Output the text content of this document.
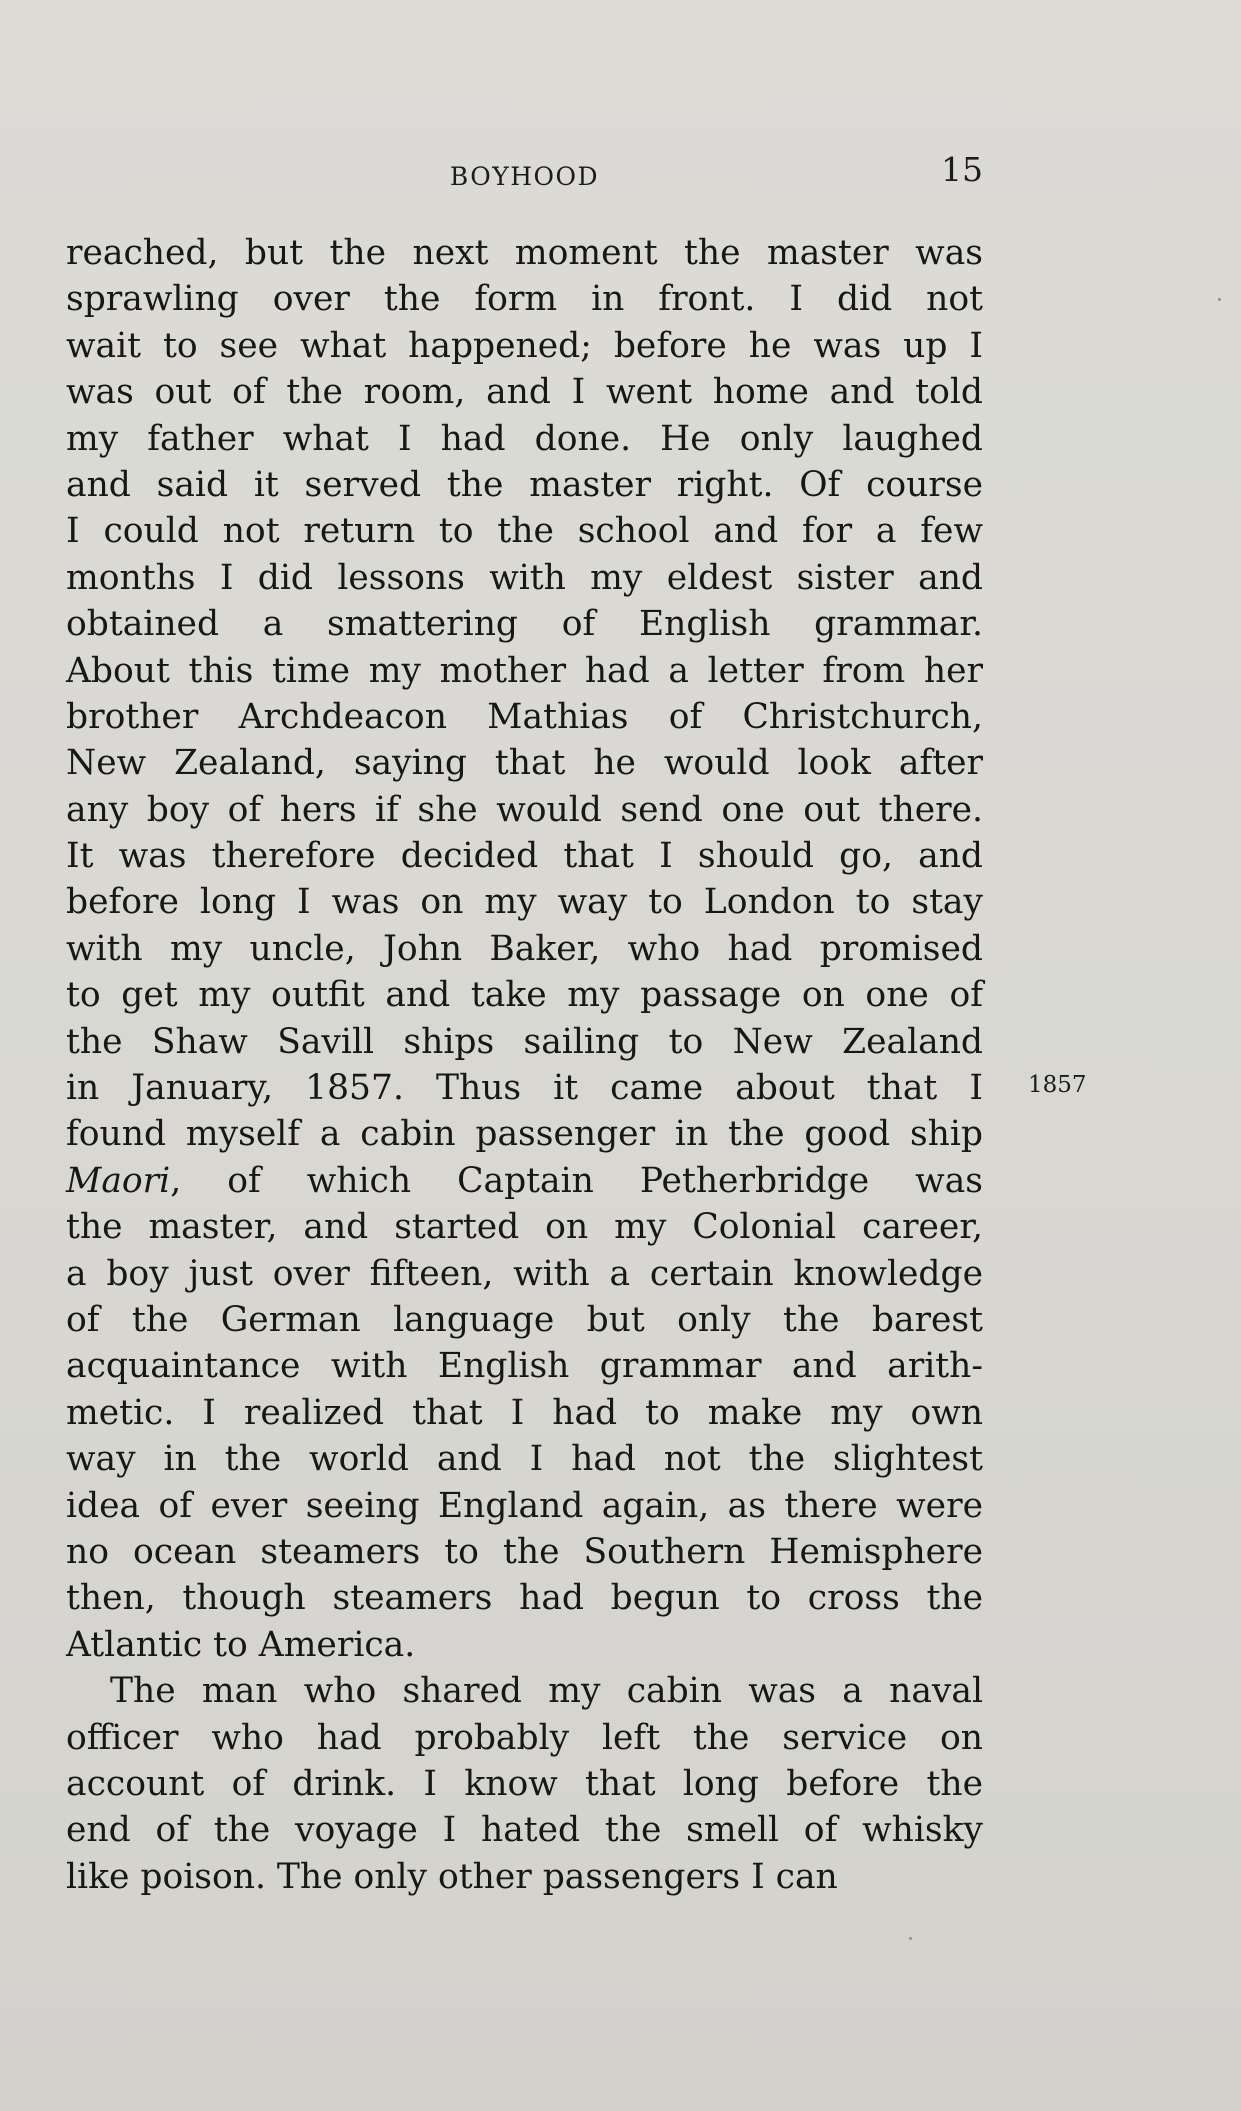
BOYHOOD	15
reached, but the next moment the master was
sprawling over the form in front. I did not
wait to see what happened; before he was up I
was out of the room, and I went home and told
my father what I had done. He only laughed
and said it served the master right. Of course
I could not return to the school and for a few
months I did lessons with my eldest sister and
obtained a smattering of English grammar.
About this time my mother had a letter from her
brother Archdeacon Mathias of Christchurch,
New Zealand, saying that he would look after
any boy of hers if she would send one out there.
It was therefore decided that I should go, and
before long I was on my way to London to stay
with my uncle, John Baker, who had promised
to get my outfit and take my passage on one of
the Shaw Savill ships sailing to New Zealand
in January, 1857. Thus it came about that I
found myself a cabin passenger in the good ship
Maori, of which Captain Petherbridge was
the master, and started on my Colonial career,
a boy just over fifteen, with a certain knowledge
of the German language but only the barest
acquaintance with English grammar and arith-
metic. I realized that I had to make my own
way in the world and I had not the slightest
idea of ever seeing England again, as there were
no ocean steamers to the Southern Hemisphere
then, though steamers had begun to cross the
Atlantic to America.
The man who shared my cabin was a naval
officer who had probably left the service on
account of drink. I know that long before the
end of the voyage I hated the smell of whisky
like poison. The only other passengers I can
1857
